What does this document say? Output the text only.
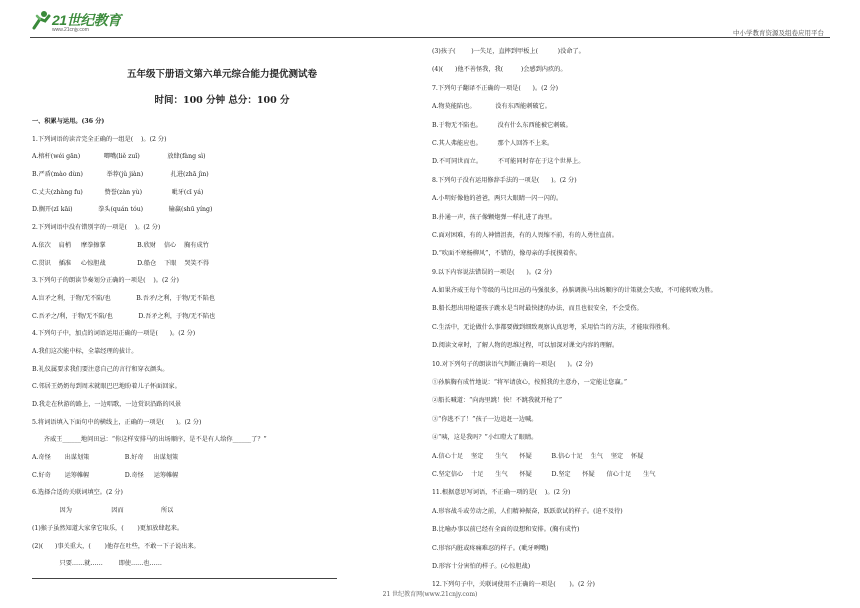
21世纪教育
www.21cnjy.com	中小学教育资源及组卷应用平台
五年级下册语文第六单元综合能力提优测试卷
时间：100 分钟 总分：100 分
一、积累与运用。(36 分)
1.下列词语的读音完全正确的一组是(    )。(2 分)
A.榕杆(wéi gān)            唧嘴(liě zuǐ)              放肆(fàng sì)
B.严盾(mào dùn)            举荐(jǔ jiàn)              扎进(zhā jìn)
C.丈夫(zhàng fu)           赞誉(zàn yù)               呲牙(cī yá)
D.搁开(zī kāi)             拳头(quán tóu)             输赢(shū yíng)
2.下列词语中没有错别字的一项是(    )。(2 分)
A.依次    肩梢     摩拳擦掌                B.欣财    信心    胸有成竹
C.贯识    插准     心惊胆战                D.船仓    下眼    哭笑不得
3.下列句子的朗读节奏划分正确的一项是(    )。(2 分)
A.盲矛之利，于物/无不陷/也             B.吾矛/之利，于物/无不陷也
C.吾矛之/利，于物/无不陷/也             D.吾矛之利，于物/无不陷也
4.下列句子中，加点的词语运用正确的一项是(      )。(2 分)
A.我们这次能中标，全靠经理的拔计。
B.礼仪属要求我们要注意自己的言行和穿衣颜头。
C.邻居王奶奶每到周末就眼巴巴地盼着儿子怀面回家。
D.我走在秋游的路上，一边唱歌，一边赏识沿路的风景
5.将词语填入下面句中的横线上，正确的一项是(      )。(2 分)
齐威王______地问田忌：“你这样安排马的出场顺序，是不是有人给你______了？”
A.奇怪       出谋划策                  B.好奇     出谋划策
C.好奇       运筹帷幄                  D.奇怪     运筹帷幄
6.选择合适的关联词填空。(2 分)
因为                    因而                   所以
(1)猴子虽然知道大家拿它取乐，(       )更加放肆起来。
(2)(      )事关重大，(       )他存在吐些，不敢一下子说出来。
只要……就……        即使……也……
(3)孩子(        )一失足，直摔到甲板上(          )没命了。
(4)(      )他不善怪我，我(         )会感到内疚的。
7.下列句子翻译不正确的一项是(      )。(2 分)
A.物莫能陷也。          没有东西能刺破它。
B.于物无不陷也。        没有什么东西能被它刺破。
C.其人弗能应也。        那个人回答不上来。
D.不可同世而立。        不可能同时存在于这个世界上。
8.下列句子没有运用修辞手法的一项是(      )。(2 分)
A.小明好像他的爸爸，两只大眼睛一闪一闪的。
B.扑通一声，孩子像颗炮弹一样扎进了海里。
C.面对困难，有的人神情沮丧，有的人畏缩不前，有的人勇往直前。
D.“吹面不寒杨柳风”，不错的，像母亲的手抚摸着你。
9.以下内容说法错误的一项是(      )。(2 分)
A.如果齐威王每个等级的马比田忌的马强很多，孙膑调换马出场顺序的计策就会失败，不可能转败为胜。
B.船长想出用枪逼孩子跳水是当时最快捷的办法，而且也很安全，不会受伤。
C.生活中，无论做什么事都要做到细致观察认真思考，采用恰当的方法，才能取得胜利。
D.阅读文章时，了解人物的思维过程，可以加深对课文内容的理解。
10.对下列句子的朗读语气判断正确的一项是(      )。(2 分)
①孙膑胸有成竹地说：“将军请放心，按照我的主意办，一定能让您赢。”
②船长喊道：“向海里跳！快！不跳我就开枪了”
③“你逃不了！”孩子一边追赶一边喊。
④“咦，这是我吗？”小红瞪大了眼睛。
A.信心十足    坚定      生气      怀疑          B.信心十足    生气    坚定    怀疑
C.坚定信心    十足      生气      怀疑          D.坚定      怀疑      信心十足      生气
11.根据意思写词语，不正确一项的是(    )。(2 分)
A.形容战斗或劳动之前，人们精神振奋，跃跃欲试的样子。(迫不及待)
B.比喻办事以前已经有全面的设想和安排。(胸有成竹)
C.形容内脏或疼痛难忍的样子。(呲牙咧嘴)
D.形容十分害怕的样子。(心惊胆战)
12.下列句子中，关联词使用不正确的一项是(       )。(2 分)
21 世纪教育网(www.21cnjy.com)
